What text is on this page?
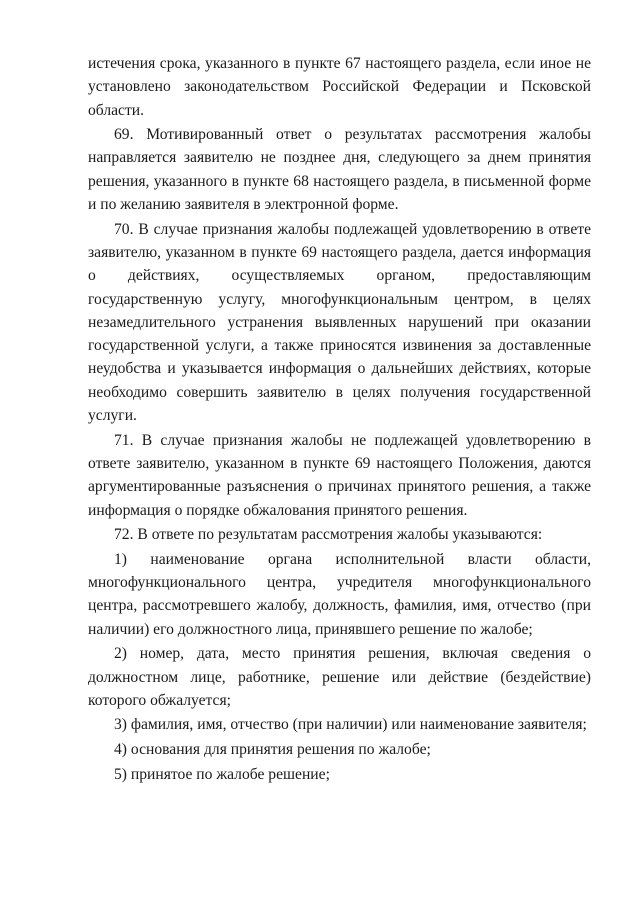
истечения срока, указанного в пункте 67 настоящего раздела, если иное не установлено законодательством Российской Федерации и Псковской области.

69. Мотивированный ответ о результатах рассмотрения жалобы направляется заявителю не позднее дня, следующего за днем принятия решения, указанного в пункте 68 настоящего раздела, в письменной форме и по желанию заявителя в электронной форме.

70. В случае признания жалобы подлежащей удовлетворению в ответе заявителю, указанном в пункте 69 настоящего раздела, дается информация о действиях, осуществляемых органом, предоставляющим государственную услугу, многофункциональным центром, в целях незамедлительного устранения выявленных нарушений при оказании государственной услуги, а также приносятся извинения за доставленные неудобства и указывается информация о дальнейших действиях, которые необходимо совершить заявителю в целях получения государственной услуги.

71. В случае признания жалобы не подлежащей удовлетворению в ответе заявителю, указанном в пункте 69 настоящего Положения, даются аргументированные разъяснения о причинах принятого решения, а также информация о порядке обжалования принятого решения.

72. В ответе по результатам рассмотрения жалобы указываются:

1) наименование органа исполнительной власти области, многофункционального центра, учредителя многофункционального центра, рассмотревшего жалобу, должность, фамилия, имя, отчество (при наличии) его должностного лица, принявшего решение по жалобе;

2) номер, дата, место принятия решения, включая сведения о должностном лице, работнике, решение или действие (бездействие) которого обжалуется;

3) фамилия, имя, отчество (при наличии) или наименование заявителя;

4) основания для принятия решения по жалобе;

5) принятое по жалобе решение;
